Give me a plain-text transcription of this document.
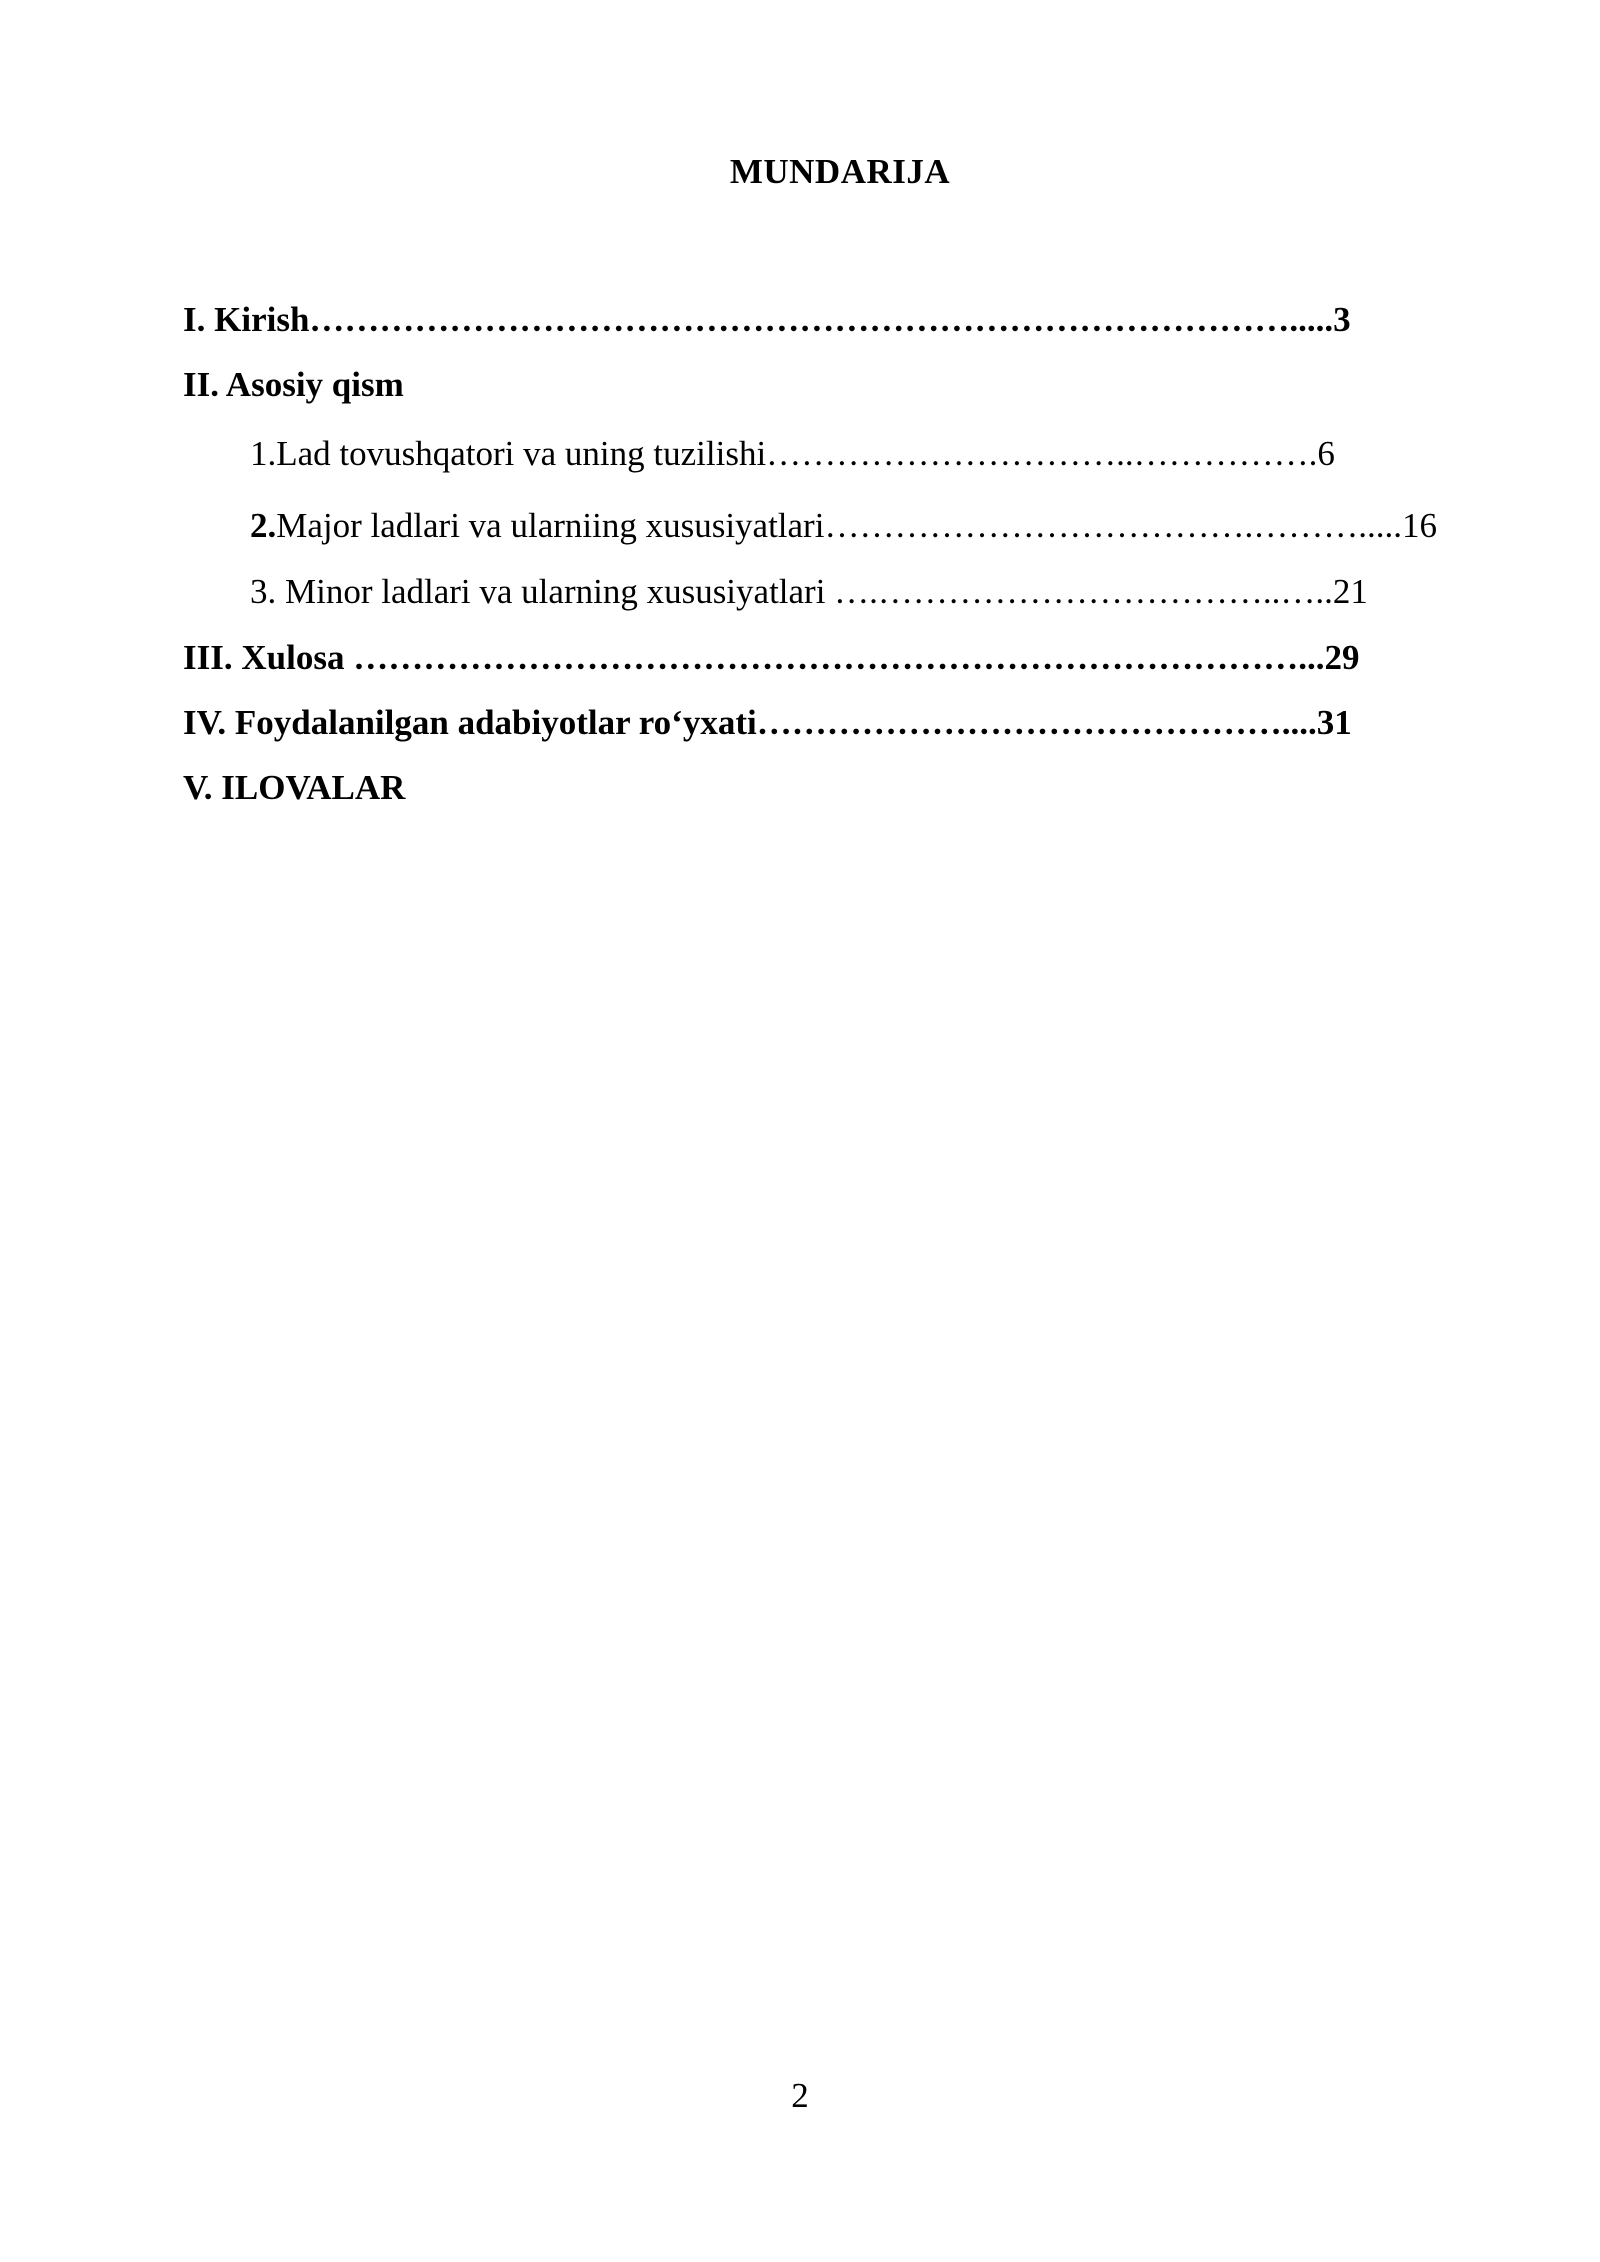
MUNDARIJA
I. Kirish………………………………………………………………………….....3
II. Asosiy qism
1.Lad tovushqatori va uning tuzilishi…………………………..…………….6
2.Major ladlari va ularniing xususiyatlari……………………………….……….....16
3. Minor ladlari va ularning xususiyatlari ….……………………………..…..21
III. Xulosa ………………………………………………………………………...29
IV. Foydalanilgan adabiyotlar ro‘yxati………………………………………....31
V. ILOVALAR
2
